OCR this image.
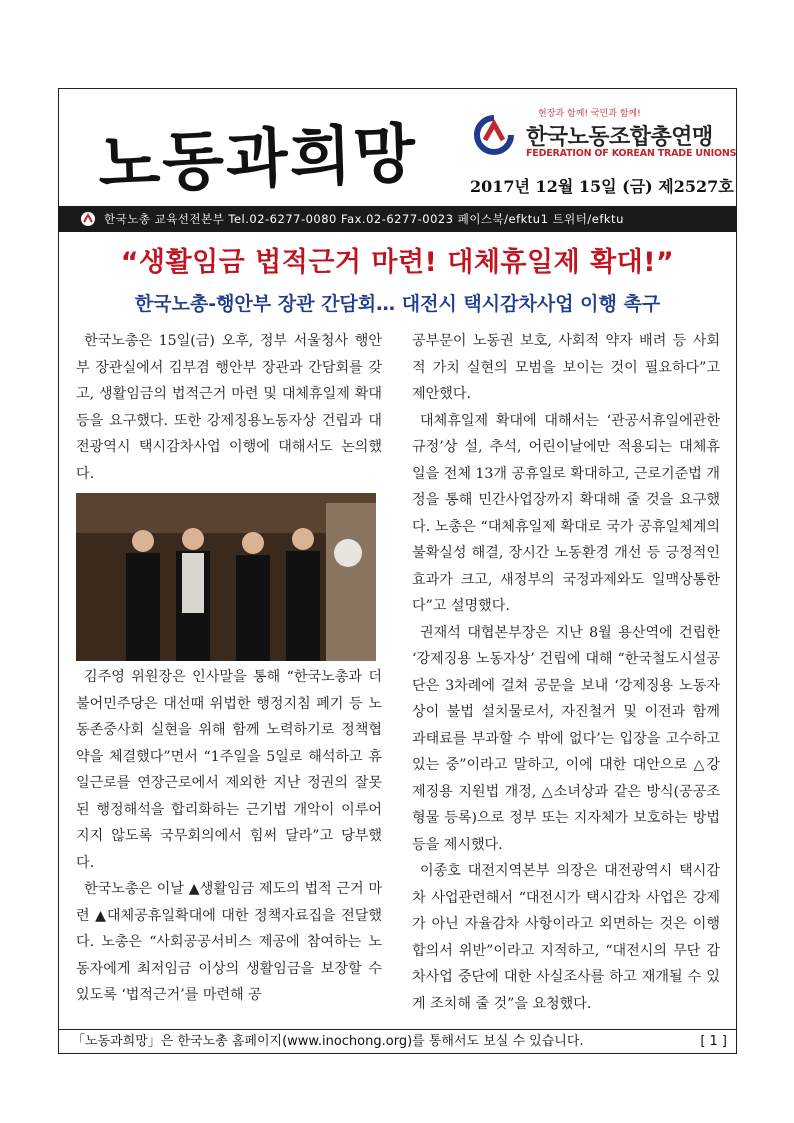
노동과희망
현장과 함께! 국민과 함께!
한국노동조합총연맹
FEDERATION OF KOREAN TRADE UNIONS
2017년 12월 15일 (금) 제2527호
한국노총 교육선전본부 Tel.02-6277-0080 Fax.02-6277-0023 페이스북/efktu1 트위터/efktu
“생활임금 법적근거 마련! 대체휴일제 확대!”
한국노총-행안부 장관 간담회… 대전시 택시감차사업 이행 촉구

한국노총은 15일(금) 오후, 정부 서울청사 행안부 장관실에서 김부겸 행안부 장관과 간담회를 갖고, 생활임금의 법적근거 마련 및 대체휴일제 확대 등을 요구했다. 또한 강제징용노동자상 건립과 대전광역시 택시감차사업 이행에 대해서도 논의했다.

김주영 위원장은 인사말을 통해 “한국노총과 더불어민주당은 대선때 위법한 행정지침 폐기 등 노동존중사회 실현을 위해 함께 노력하기로 정책협약을 체결했다”면서 “1주일을 5일로 해석하고 휴일근로를 연장근로에서 제외한 지난 정권의 잘못된 행정해석을 합리화하는 근기법 개악이 이루어지지 않도록 국무회의에서 힘써 달라”고 당부했다.

한국노총은 이날 ▲생활임금 제도의 법적 근거 마련 ▲대체공휴일확대에 대한 정책자료집을 전달했다. 노총은 “사회공공서비스 제공에 참여하는 노동자에게 최저임금 이상의 생활임금을 보장할 수 있도록 ‘법적근거’를 마련해 공

공부문이 노동권 보호, 사회적 약자 배려 등 사회적 가치 실현의 모범을 보이는 것이 필요하다”고 제안했다.

대체휴일제 확대에 대해서는 ‘관공서휴일에관한규정’상 설, 추석, 어린이날에만 적용되는 대체휴일을 전체 13개 공휴일로 확대하고, 근로기준법 개정을 통해 민간사업장까지 확대해 줄 것을 요구했다. 노총은 “대체휴일제 확대로 국가 공휴일체계의 불확실성 해결, 장시간 노동환경 개선 등 긍정적인 효과가 크고, 새정부의 국정과제와도 일맥상통한다”고 설명했다.

권재석 대협본부장은 지난 8월 용산역에 건립한 ‘강제징용 노동자상’ 건립에 대해 “한국철도시설공단은 3차례에 걸쳐 공문을 보내 ‘강제징용 노동자상이 불법 설치물로서, 자진철거 및 이전과 함께 과태료를 부과할 수 밖에 없다’는 입장을 고수하고 있는 중”이라고 말하고, 이에 대한 대안으로 △강제징용 지원법 개정, △소녀상과 같은 방식(공공조형물 등록)으로 정부 또는 지자체가 보호하는 방법 등을 제시했다.

이종호 대전지역본부 의장은 대전광역시 택시감차 사업관련해서 “대전시가 택시감차 사업은 강제가 아닌 자율감차 사항이라고 외면하는 것은 이행합의서 위반”이라고 지적하고, “대전시의 무단 감차사업 중단에 대한 사실조사를 하고 재개될 수 있게 조치해 줄 것”을 요청했다.

「노동과희망」은 한국노총 홈페이지(www.inochong.org)를 통해서도 보실 수 있습니다.	[ 1 ]
